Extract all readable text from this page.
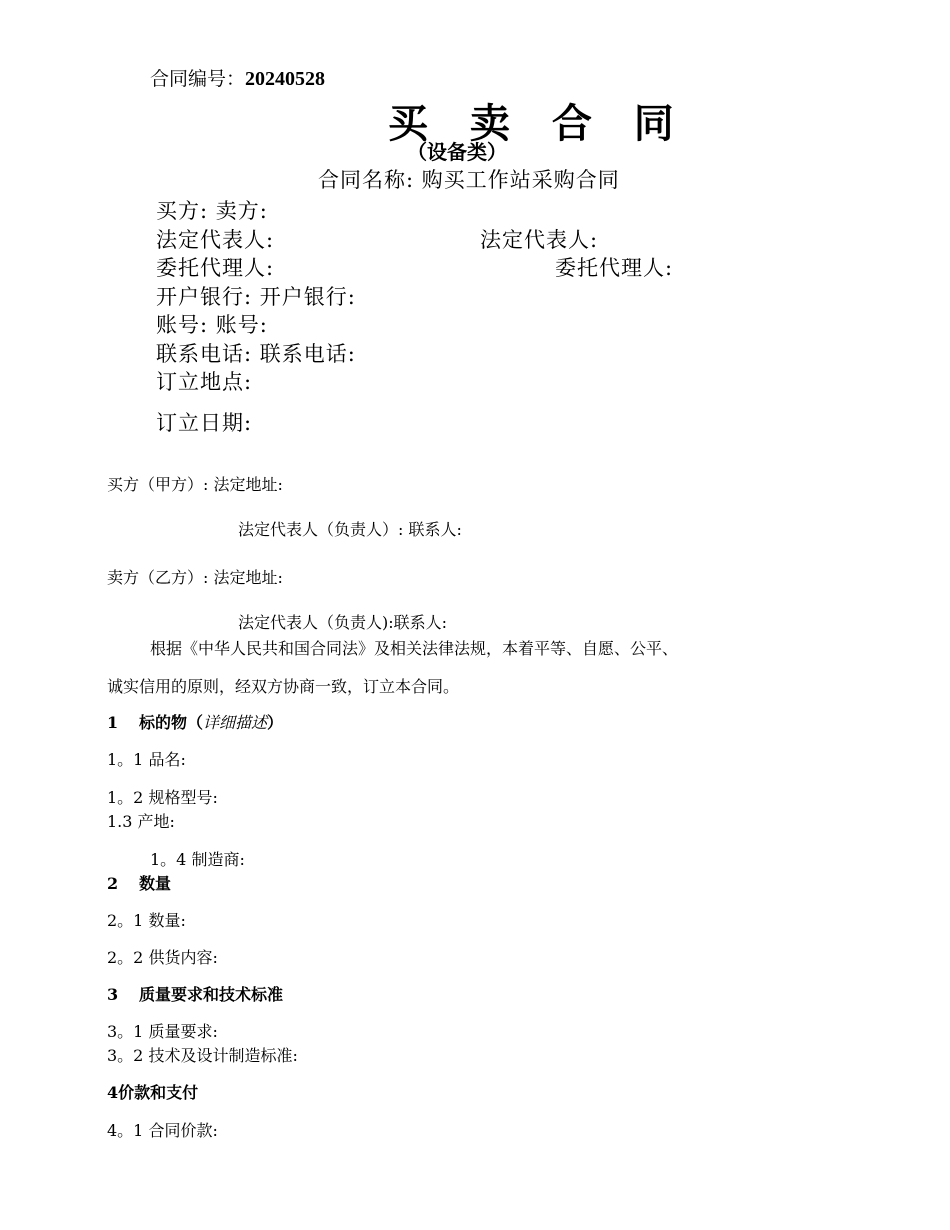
合同编号：20240528
买 卖 合 同
（设备类）
合同名称: 购买工作站采购合同
买方: 卖方:
法定代表人:	法定代表人:
委托代理人:	委托代理人:
开户银行: 开户银行:
账号: 账号:
联系电话: 联系电话:
订立地点:
订立日期:
买方（甲方）: 法定地址:
法定代表人（负责人）: 联系人:
卖方（乙方）: 法定地址:
法定代表人（负责人):联系人:
根据《中华人民共和国合同法》及相关法律法规，本着平等、自愿、公平、
诚实信用的原则，经双方协商一致，订立本合同。
1 标的物（详细描述）
1。1 品名:
1。2 规格型号:
1.3 产地:
1。4 制造商:
2 数量
2。1 数量:
2。2 供货内容:
3 质量要求和技术标准
3。1 质量要求:
3。2 技术及设计制造标准:
4价款和支付
4。1 合同价款:
